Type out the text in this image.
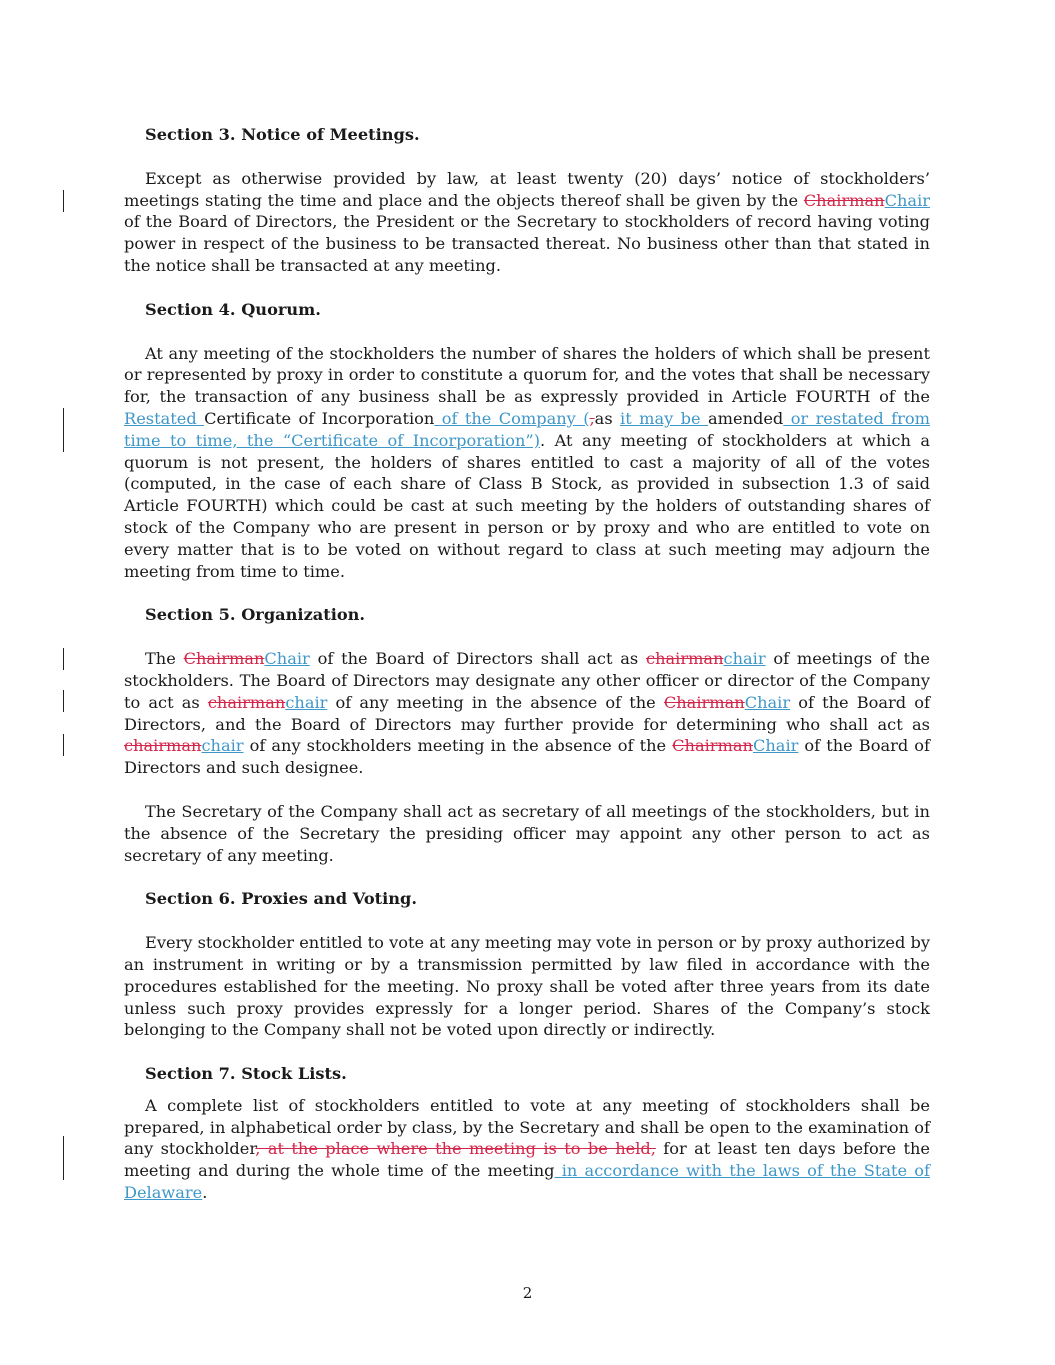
Section 3. Notice of Meetings.

Except as otherwise provided by law, at least twenty (20) days’ notice of stockholders’ meetings stating the time and place and the objects thereof shall be given by the ChairmanChair of the Board of Directors, the President or the Secretary to stockholders of record having voting power in respect of the business to be transacted thereat. No business other than that stated in the notice shall be transacted at any meeting.

Section 4. Quorum.

At any meeting of the stockholders the number of shares the holders of which shall be present or represented by proxy in order to constitute a quorum for, and the votes that shall be necessary for, the transaction of any business shall be as expressly provided in Article FOURTH of the Restated Certificate of Incorporation of the Company (,as it may be amended or restated from time to time, the “Certificate of Incorporation”). At any meeting of stockholders at which a quorum is not present, the holders of shares entitled to cast a majority of all of the votes (computed, in the case of each share of Class B Stock, as provided in subsection 1.3 of said Article FOURTH) which could be cast at such meeting by the holders of outstanding shares of stock of the Company who are present in person or by proxy and who are entitled to vote on every matter that is to be voted on without regard to class at such meeting may adjourn the meeting from time to time.

Section 5. Organization.

The ChairmanChair of the Board of Directors shall act as chairmanchair of meetings of the stockholders. The Board of Directors may designate any other officer or director of the Company to act as chairmanchair of any meeting in the absence of the ChairmanChair of the Board of Directors, and the Board of Directors may further provide for determining who shall act as chairmanchair of any stockholders meeting in the absence of the ChairmanChair of the Board of Directors and such designee.

The Secretary of the Company shall act as secretary of all meetings of the stockholders, but in the absence of the Secretary the presiding officer may appoint any other person to act as secretary of any meeting.

Section 6. Proxies and Voting.

Every stockholder entitled to vote at any meeting may vote in person or by proxy authorized by an instrument in writing or by a transmission permitted by law filed in accordance with the procedures established for the meeting. No proxy shall be voted after three years from its date unless such proxy provides expressly for a longer period. Shares of the Company’s stock belonging to the Company shall not be voted upon directly or indirectly.

Section 7. Stock Lists.

A complete list of stockholders entitled to vote at any meeting of stockholders shall be prepared, in alphabetical order by class, by the Secretary and shall be open to the examination of any stockholder, at the place where the meeting is to be held, for at least ten days before the meeting and during the whole time of the meeting in accordance with the laws of the State of Delaware.

2
